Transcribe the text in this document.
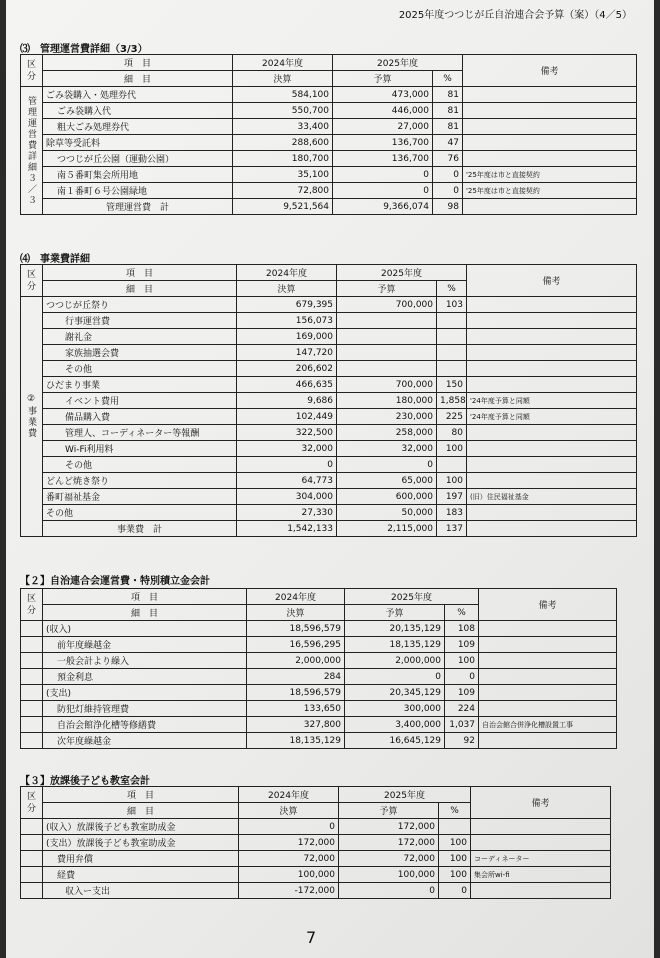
2025年度つつじが丘自治連合会予算（案）（4／5）
⑶　管理運営費詳細（3/3）
区分	項　目	2024年度	2025年度		備考
	細　目	決算	予算	%	
管理運営費詳細３／３	ごみ袋購入・処理券代	584,100	473,000	81	
	ごみ袋購入代	550,700	446,000	81	
	粗大ごみ処理券代	33,400	27,000	81	
	除草等受託料	288,600	136,700	47	
	つつじが丘公園（運動公園）	180,700	136,700	76	
	南５番町集会所用地	35,100	0	0	'25年度は市と直接契約
	南１番町６号公園緑地	72,800	0	0	'25年度は市と直接契約
	管理運営費　計	9,521,564	9,366,074	98	
⑷　事業費詳細
区分	項　目	2024年度	2025年度		備考
	細　目	決算	予算	%	
②事業費	つつじが丘祭り	679,395	700,000	103	
	行事運営費	156,073			
	謝礼金	169,000			
	家族抽選会費	147,720			
	その他	206,602			
	ひだまり事業	466,635	700,000	150	
	イベント費用	9,686	180,000	1,858	'24年度予算と同額
	備品購入費	102,449	230,000	225	'24年度予算と同額
	管理人、コーディネーター等報酬	322,500	258,000	80	
	Wi-Fi利用料	32,000	32,000	100	
	その他	0	0		
	どんど焼き祭り	64,773	65,000	100	
	番町福祉基金	304,000	600,000	197	(旧）住民福祉基金
	その他	27,330	50,000	183	
	事業費　計	1,542,133	2,115,000	137	
【２】自治連合会運営費・特別積立金会計
区分	項　目	2024年度	2025年度		備考
	細　目	決算	予算	%	
	(収入)	18,596,579	20,135,129	108	
	前年度繰越金	16,596,295	18,135,129	109	
	一般会計より繰入	2,000,000	2,000,000	100	
	預金利息	284	0	0	
	(支出)	18,596,579	20,345,129	109	
	防犯灯維持管理費	133,650	300,000	224	
	自治会館浄化槽等修繕費	327,800	3,400,000	1,037	自治会館合併浄化槽設置工事
	次年度繰越金	18,135,129	16,645,129	92	
【３】放課後子ども教室会計
区分	項　目	2024年度	2025年度		備考
	細　目	決算	予算	%	
	(収入）放課後子ども教室助成金	0	172,000		
	(支出）放課後子ども教室助成金	172,000	172,000	100	
	費用弁償	72,000	72,000	100	コーディネーター
	経費	100,000	100,000	100	集会所wi-fi
	収入ー支出	-172,000	0	0	
7
